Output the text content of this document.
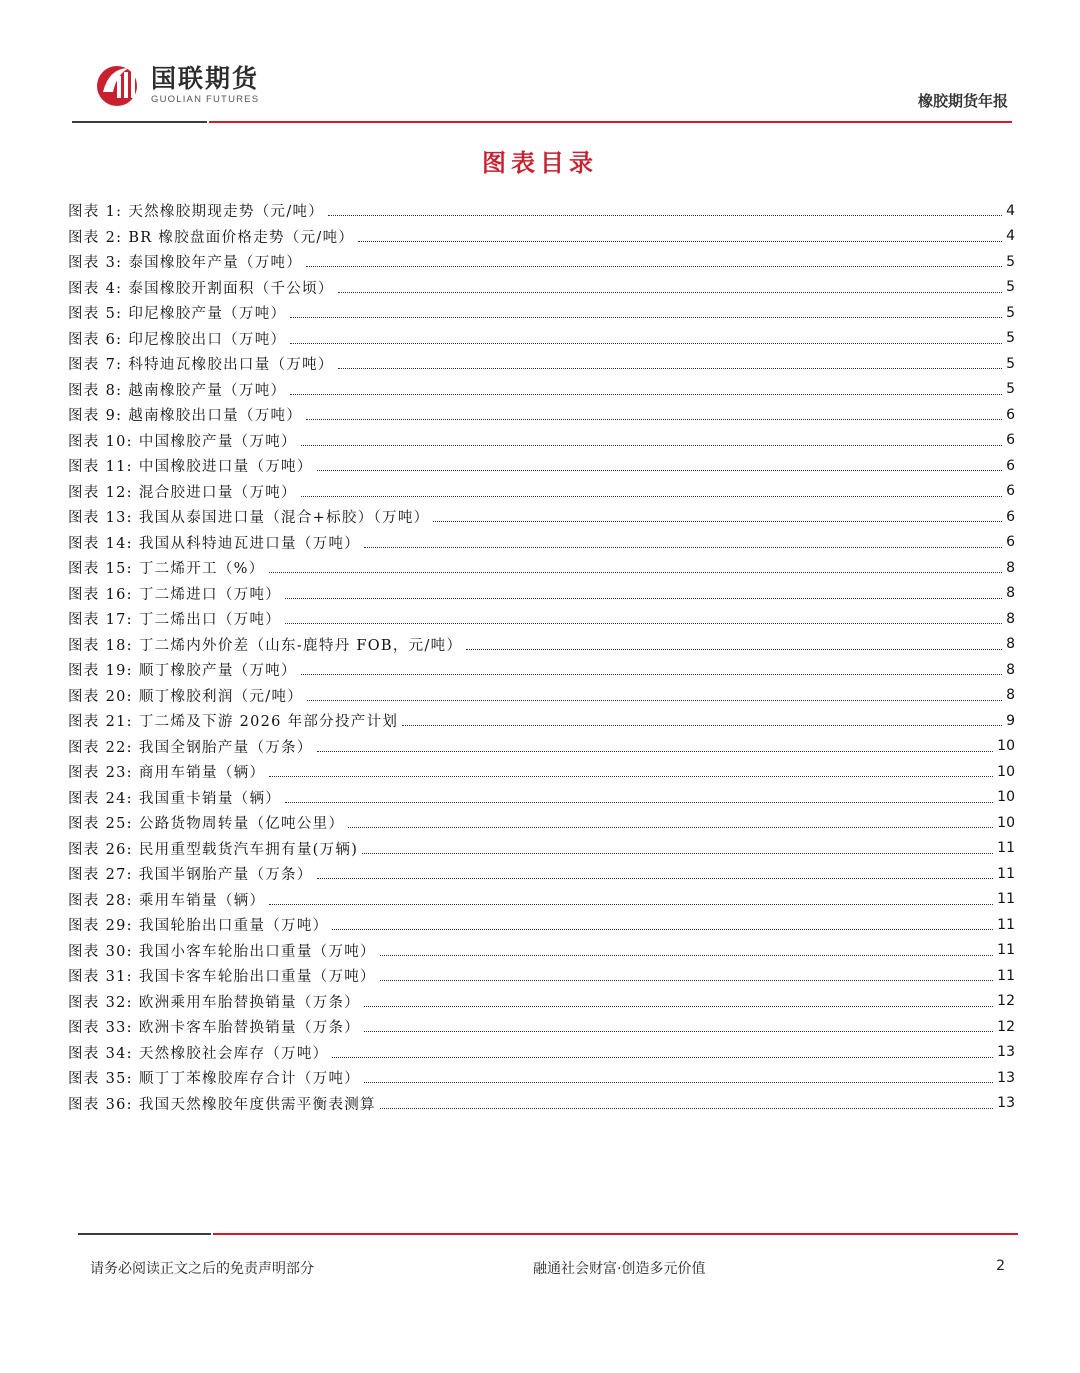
国联期货
GUOLIAN FUTURES	橡胶期货年报
图表目录
图表 1: 天然橡胶期现走势（元/吨）	4
图表 2: BR 橡胶盘面价格走势（元/吨）	4
图表 3: 泰国橡胶年产量（万吨）	5
图表 4: 泰国橡胶开割面积（千公顷）	5
图表 5: 印尼橡胶产量（万吨）	5
图表 6: 印尼橡胶出口（万吨）	5
图表 7: 科特迪瓦橡胶出口量（万吨）	5
图表 8: 越南橡胶产量（万吨）	5
图表 9: 越南橡胶出口量（万吨）	6
图表 10: 中国橡胶产量（万吨）	6
图表 11: 中国橡胶进口量（万吨）	6
图表 12: 混合胶进口量（万吨）	6
图表 13: 我国从泰国进口量（混合+标胶）（万吨）	6
图表 14: 我国从科特迪瓦进口量（万吨）	6
图表 15: 丁二烯开工（%）	8
图表 16: 丁二烯进口（万吨）	8
图表 17: 丁二烯出口（万吨）	8
图表 18: 丁二烯内外价差（山东-鹿特丹 FOB，元/吨）	8
图表 19: 顺丁橡胶产量（万吨）	8
图表 20: 顺丁橡胶利润（元/吨）	8
图表 21: 丁二烯及下游 2026 年部分投产计划	9
图表 22: 我国全钢胎产量（万条）	10
图表 23: 商用车销量（辆）	10
图表 24: 我国重卡销量（辆）	10
图表 25: 公路货物周转量（亿吨公里）	10
图表 26: 民用重型载货汽车拥有量(万辆)	11
图表 27: 我国半钢胎产量（万条）	11
图表 28: 乘用车销量（辆）	11
图表 29: 我国轮胎出口重量（万吨）	11
图表 30: 我国小客车轮胎出口重量（万吨）	11
图表 31: 我国卡客车轮胎出口重量（万吨）	11
图表 32: 欧洲乘用车胎替换销量（万条）	12
图表 33: 欧洲卡客车胎替换销量（万条）	12
图表 34: 天然橡胶社会库存（万吨）	13
图表 35: 顺丁丁苯橡胶库存合计（万吨）	13
图表 36: 我国天然橡胶年度供需平衡表测算	13
请务必阅读正文之后的免责声明部分	融通社会财富·创造多元价值	2
